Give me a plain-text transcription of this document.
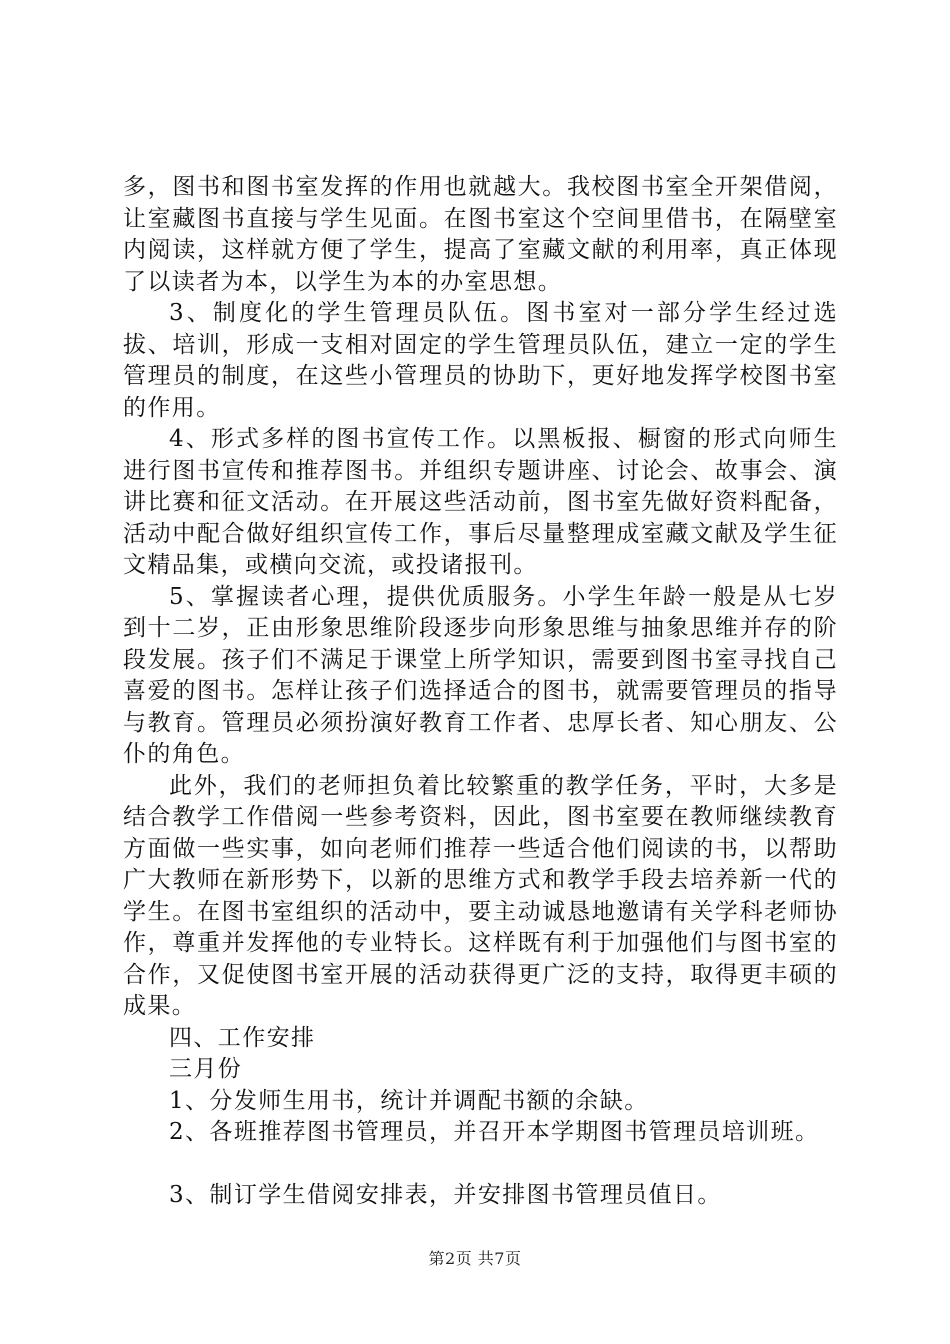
多，图书和图书室发挥的作用也就越大。我校图书室全开架借阅，让室藏图书直接与学生见面。在图书室这个空间里借书，在隔壁室内阅读，这样就方便了学生，提高了室藏文献的利用率，真正体现了以读者为本，以学生为本的办室思想。

3、制度化的学生管理员队伍。图书室对一部分学生经过选拔、培训，形成一支相对固定的学生管理员队伍，建立一定的学生管理员的制度，在这些小管理员的协助下，更好地发挥学校图书室的作用。

4、形式多样的图书宣传工作。以黑板报、橱窗的形式向师生进行图书宣传和推荐图书。并组织专题讲座、讨论会、故事会、演讲比赛和征文活动。在开展这些活动前，图书室先做好资料配备，活动中配合做好组织宣传工作，事后尽量整理成室藏文献及学生征文精品集，或横向交流，或投诸报刊。

5、掌握读者心理，提供优质服务。小学生年龄一般是从七岁到十二岁，正由形象思维阶段逐步向形象思维与抽象思维并存的阶段发展。孩子们不满足于课堂上所学知识，需要到图书室寻找自己喜爱的图书。怎样让孩子们选择适合的图书，就需要管理员的指导与教育。管理员必须扮演好教育工作者、忠厚长者、知心朋友、公仆的角色。

此外，我们的老师担负着比较繁重的教学任务，平时，大多是结合教学工作借阅一些参考资料，因此，图书室要在教师继续教育方面做一些实事，如向老师们推荐一些适合他们阅读的书，以帮助广大教师在新形势下，以新的思维方式和教学手段去培养新一代的学生。在图书室组织的活动中，要主动诚恳地邀请有关学科老师协作，尊重并发挥他的专业特长。这样既有利于加强他们与图书室的合作，又促使图书室开展的活动获得更广泛的支持，取得更丰硕的成果。

四、工作安排

三月份

1、分发师生用书，统计并调配书额的余缺。

2、各班推荐图书管理员，并召开本学期图书管理员培训班。

3、制订学生借阅安排表，并安排图书管理员值日。

第2页 共7页
